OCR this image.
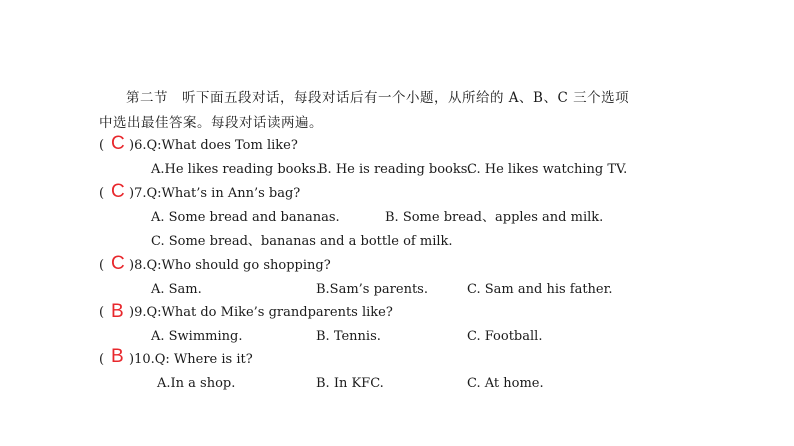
第二节　听下面五段对话，每段对话后有一个小题，从所给的 A、B、C 三个选项
中选出最佳答案。每段对话读两遍。
( C )6.Q:What does Tom like?
A.He likes reading books.
B. He is reading books.
C. He likes watching TV.
( C )7.Q:What’s in Ann’s bag?
A. Some bread and bananas.	B. Some bread、apples and milk.
C. Some bread、bananas and a bottle of milk.
( C )8.Q:Who should go shopping?
A. Sam.	B.Sam’s parents.	C. Sam and his father.
( B )9.Q:What do Mike’s grandparents like?
A. Swimming.	B. Tennis.	C. Football.
( B )10.Q: Where is it?
A.In a shop.	B. In KFC.	C. At home.
